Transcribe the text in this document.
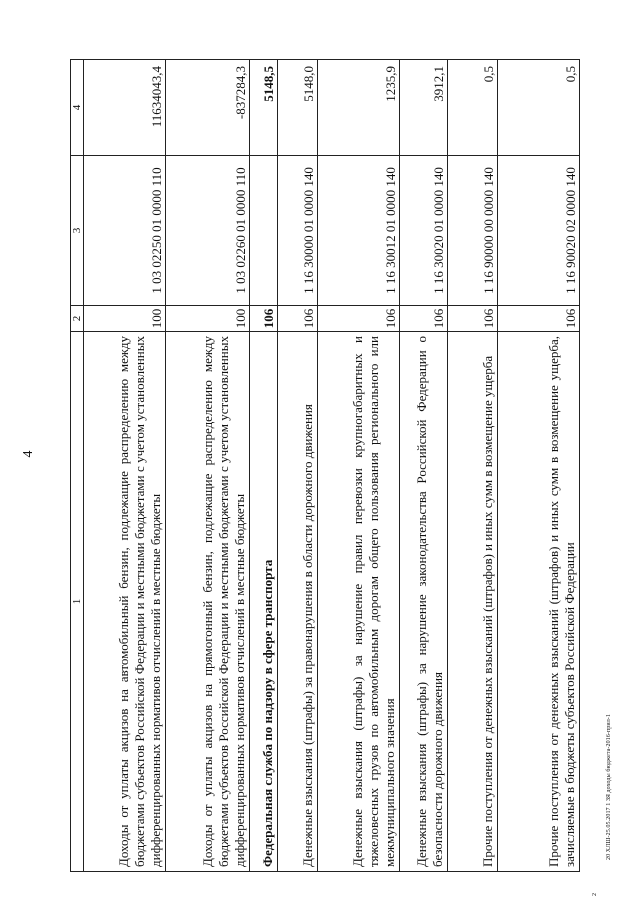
4
2
20 ХЛШ-25.05.2017 1 ЗЯ доходы бюджета-2016-прил-1
1	2	3	4
Доходы от уплаты акцизов на автомобильный бензин, подлежащие распределению между бюджетами субъектов Российской Федерации и местными бюджетами с учетом установленных дифференцированных нормативов отчислений в местные бюджеты	100	1 03 02250 01 0000 110	11634043,4
Доходы от уплаты акцизов на прямогонный бензин, подлежащие распределению между бюджетами субъектов Российской Федерации и местными бюджетами с учетом установленных дифференцированных нормативов отчислений в местные бюджеты	100	1 03 02260 01 0000 110	-837284,3
Федеральная служба по надзору в сфере транспорта	106		5148,5
Денежные взыскания (штрафы) за правонарушения в области дорожного движения	106	1 16 30000 01 0000 140	5148,0
Денежные взыскания (штрафы) за нарушение правил перевозки крупногабаритных и тяжеловесных грузов по автомобильным дорогам общего пользования регионального или межмуниципального значения	106	1 16 30012 01 0000 140	1235,9
Денежные взыскания (штрафы) за нарушение законодательства Российской Федерации о безопасности дорожного движения	106	1 16 30020 01 0000 140	3912,1
Прочие поступления от денежных взысканий (штрафов) и иных сумм в возмещение ущерба	106	1 16 90000 00 0000 140	0,5
Прочие поступления от денежных взысканий (штрафов) и иных сумм в возмещение ущерба, зачисляемые в бюджеты субъектов Российской Федерации	106	1 16 90020 02 0000 140	0,5
